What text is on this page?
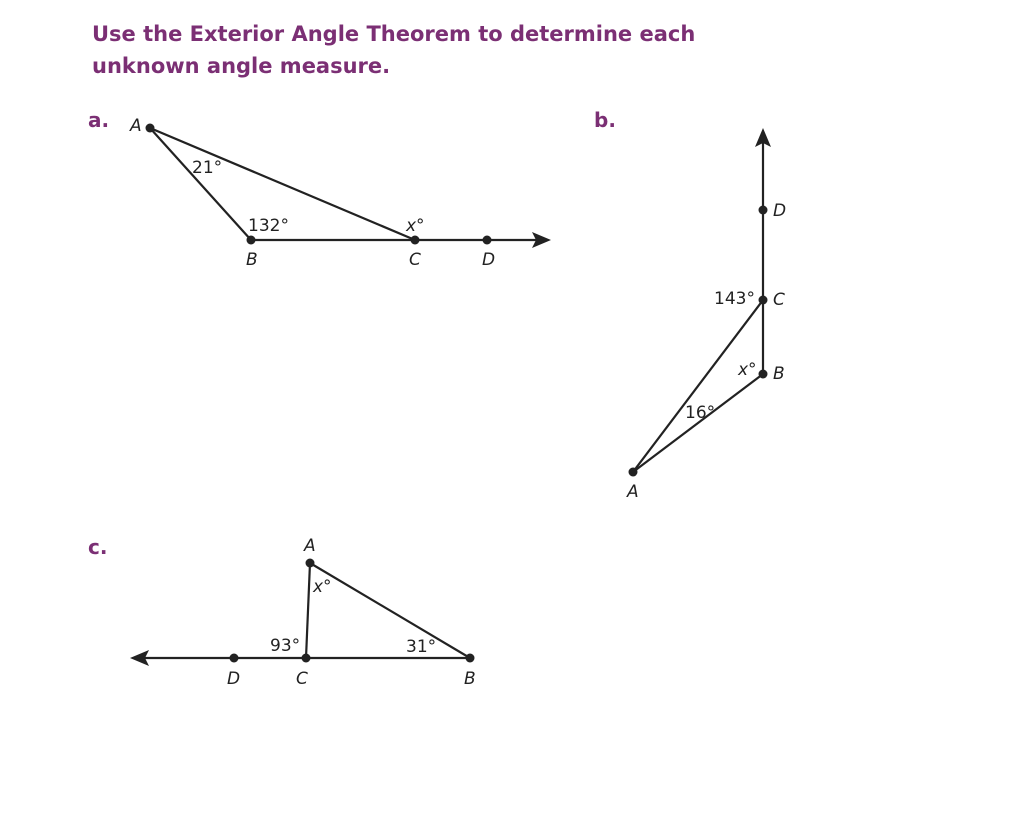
Use the Exterior Angle Theorem to determine each
unknown angle measure.
a.	b.
c.
A
B	C	D
21°
132°	x°
D
C
B
A
143°
x°
16°
A
D	C	B
x°
93°	31°
